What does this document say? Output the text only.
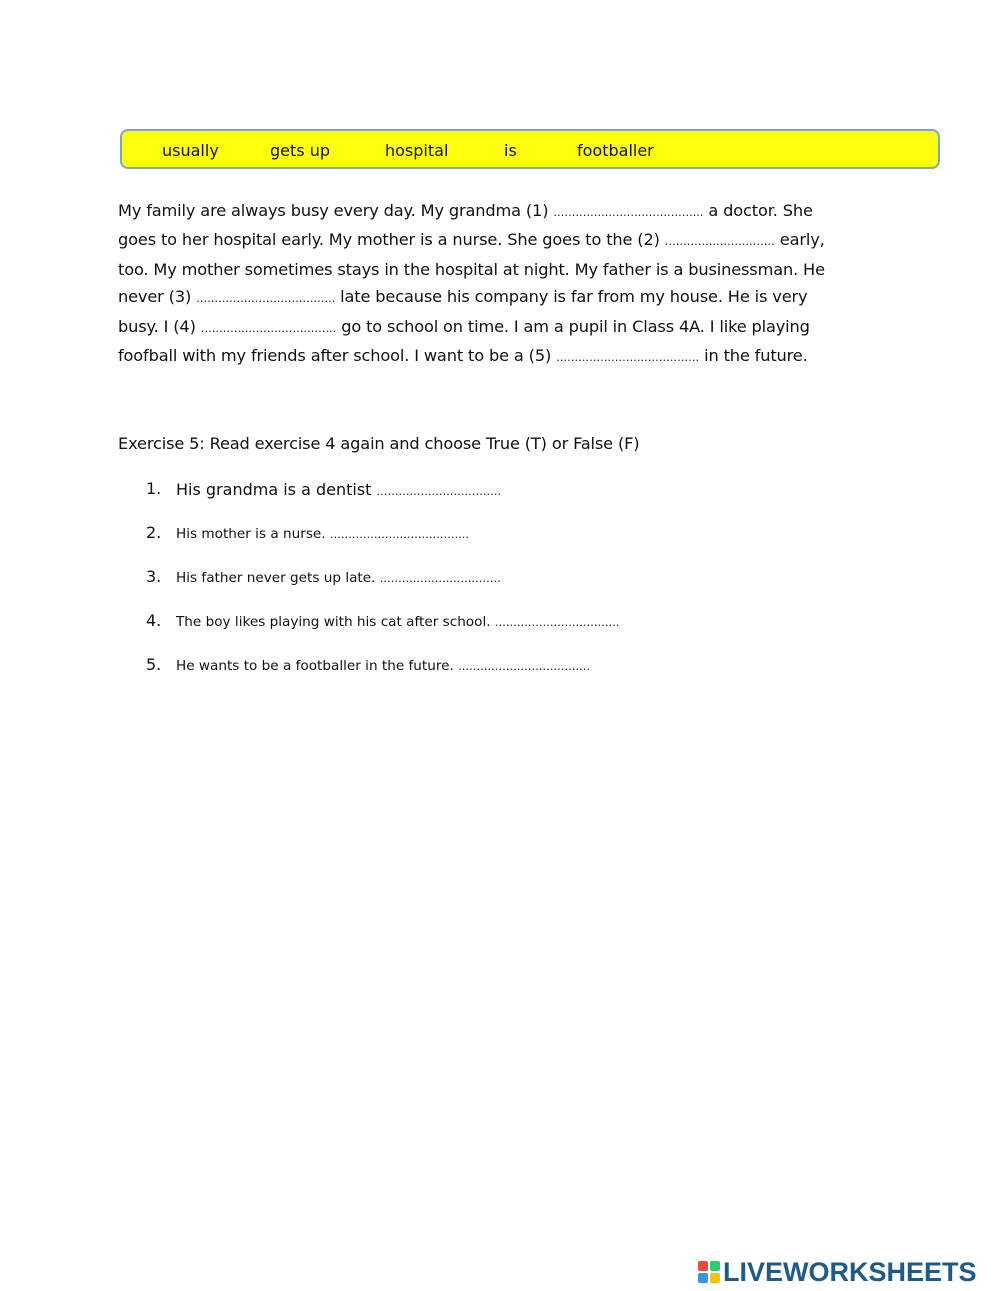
usually	gets up	hospital	is	footballer
My family are always busy every day. My grandma (1) ………………………………….. a doctor. She
goes to her hospital early. My mother is a nurse. She goes to the (2) ………………………… early,
too. My mother sometimes stays in the hospital at night. My father is a businessman. He
never (3) ……………………………….. late because his company is far from my house. He is very
busy. I (4) ………………………………. go to school on time. I am a pupil in Class 4A. I like playing
foofball with my friends after school. I want to be a (5) ………………………………… in the future.
Exercise 5: Read exercise 4 again and choose True (T) or False (F)
1. His grandma is a dentist …………………………….
2. His mother is a nurse. ………………………………..
3. His father never gets up late. ……………………………
4. The boy likes playing with his cat after school. …………………………….
5. He wants to be a footballer in the future. ………………………………
LIVEWORKSHEETS
